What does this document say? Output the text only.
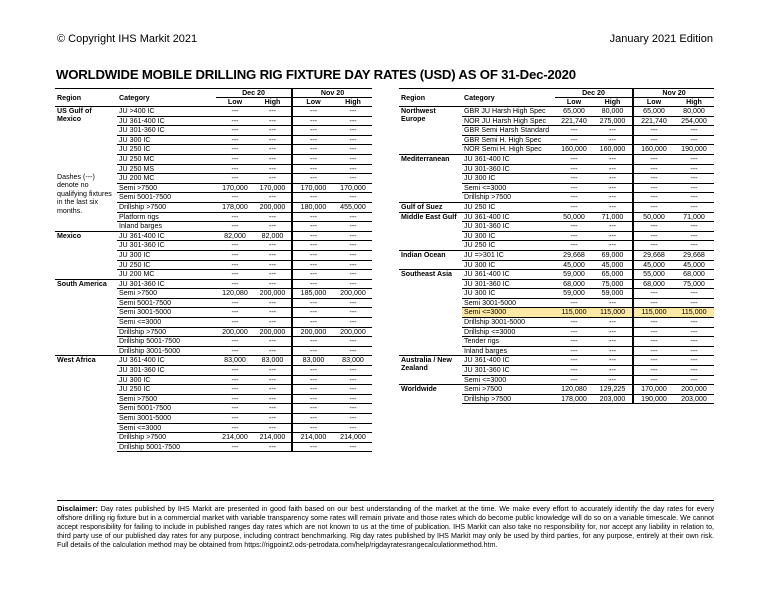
© Copyright IHS Markit 2021	January 2021 Edition
WORLDWIDE MOBILE DRILLING RIG FIXTURE DAY RATES (USD) AS OF 31-Dec-2020
Region	Category	Dec 20		Nov 20	
		Low	High	Low	High

US Gulf of Mexico
Dashes (---) denote no qualifying fixtures in the last six months.	JU >400 IC	---	---	---	---
	JU 361-400 IC	---	---	---	---
	JU 301-360 IC	---	---	---	---
	JU 300 IC	---	---	---	---
	JU 250 IC	---	---	---	---
	JU 250 MC	---	---	---	---
	JU 250 MS	---	---	---	---
	JU 200 MC	---	---	---	---
	Semi >7500	170,000	170,000	170,000	170,000
	Semi 5001-7500	---	---	---	---
	Drillship >7500	178,000	200,000	180,000	455,000
	Platform rigs	---	---	---	---
	Inland barges	---	---	---	---

Mexico	JU 361-400 IC	82,000	82,000	---	---
	JU 301-360 IC	---	---	---	---
	JU 300 IC	---	---	---	---
	JU 250 IC	---	---	---	---
	JU 200 MC	---	---	---	---

South America	JU 301-360 IC	---	---	---	---
	Semi >7500	120,080	200,000	185,000	200,000
	Semi 5001-7500	---	---	---	---
	Semi 3001-5000	---	---	---	---
	Semi <=3000	---	---	---	---
	Drillship >7500	200,000	200,000	200,000	200,000
	Drillship 5001-7500	---	---	---	---
	Drillship 3001-5000	---	---	---	---

West Africa	JU 361-400 IC	83,000	83,000	83,000	83,000
	JU 301-360 IC	---	---	---	---
	JU 300 IC	---	---	---	---
	JU 250 IC	---	---	---	---
	Semi >7500	---	---	---	---
	Semi 5001-7500	---	---	---	---
	Semi 3001-5000	---	---	---	---
	Semi <=3000	---	---	---	---
	Drillship >7500	214,000	214,000	214,000	214,000
	Drillship 5001-7500	---	---	---	---
Region	Category	Dec 20		Nov 20	
		Low	High	Low	High

Northwest Europe	GBR JU Harsh High Spec	65,000	80,000	65,000	80,000
	NOR JU Harsh High Spec	221,740	275,000	221,740	254,000
	GBR Semi Harsh Standard	---	---	---	---
	GBR Semi H. High Spec	---	---	---	---
	NOR Semi H. High Spec	160,000	160,000	160,000	190,000

Mediterranean	JU 361-400 IC	---	---	---	---
	JU 301-360 IC	---	---	---	---
	JU 300 IC	---	---	---	---
	Semi <=3000	---	---	---	---
	Drillship >7500	---	---	---	---

Gulf of Suez	JU 250 IC	---	---	---	---

Middle East Gulf	JU 361-400 IC	50,000	71,000	50,000	71,000
	JU 301-360 IC	---	---	---	---
	JU 300 IC	---	---	---	---
	JU 250 IC	---	---	---	---

Indian Ocean	JU =>301 IC	29,668	69,000	29,668	29,668
	JU 300 IC	45,000	45,000	45,000	45,000

Southeast Asia	JU 361-400 IC	59,000	65,000	55,000	68,000
	JU 301-360 IC	68,000	75,000	68,000	75,000
	JU 300 IC	59,000	59,000	---	---
	Semi 3001-5000	---	---	---	---
	Semi <=3000	115,000	115,000	115,000	115,000
	Drillship 3001-5000	---	---	---	---
	Drillship <=3000	---	---	---	---
	Tender rigs	---	---	---	---
	Inland barges	---	---	---	---

Australia / New Zealand	JU 361-400 IC	---	---	---	---
	JU 301-360 IC	---	---	---	---
	Semi <=3000	---	---	---	---

Worldwide	Semi >7500	120,080	129,225	170,000	200,000
	Drillship >7500	178,000	203,000	190,000	203,000
Disclaimer: Day rates published by IHS Markit are presented in good faith based on our best understanding of the market at the time. We make every effort to accurately identify the day rates for every offshore drilling rig fixture but in a commercial market with variable transparency some rates will remain private and those rates which do become public knowledge will do so on a variable timescale. We cannot accept responsibility for failing to include in published ranges day rates which are not known to us at the time of publication. IHS Markit can also take no responsibility for, nor accept any liability in relation to, third party use of our published day rates for any purpose, including contract benchmarking. Rig day rates published by IHS Markit may only be used by third parties, for any purpose, entirely at their own risk. Full details of the calculation method may be obtained from https://rigpoint2.ods-petrodata.com/help/rigdayratesrangecalculationmethod.htm.
